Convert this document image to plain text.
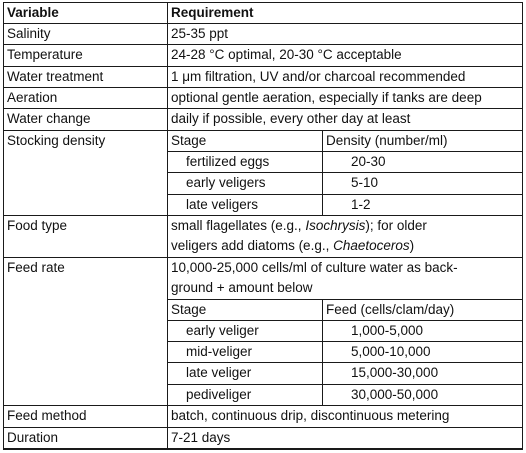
Variable	Requirement	
Salinity	25-35 ppt	
Temperature	24-28 °C optimal, 20-30 °C acceptable	
Water treatment	1 μm filtration, UV and/or charcoal recommended	
Aeration	optional gentle aeration, especially if tanks are deep	
Water change	daily if possible, every other day at least	
Stocking density	Stage	Density (number/ml)
	fertilized eggs	20-30
	early veligers	5-10
	late veligers	1-2
Food type	small flagellates (e.g., Isochrysis); for older
veligers add diatoms (e.g., Chaetoceros)	
Feed rate	10,000-25,000 cells/ml of culture water as back-
ground + amount below	
	Stage	Feed (cells/clam/day)
	early veliger	1,000-5,000
	mid-veliger	5,000-10,000
	late veliger	15,000-30,000
	pediveliger	30,000-50,000
Feed method	batch, continuous drip, discontinuous metering	
Duration	7-21 days	
